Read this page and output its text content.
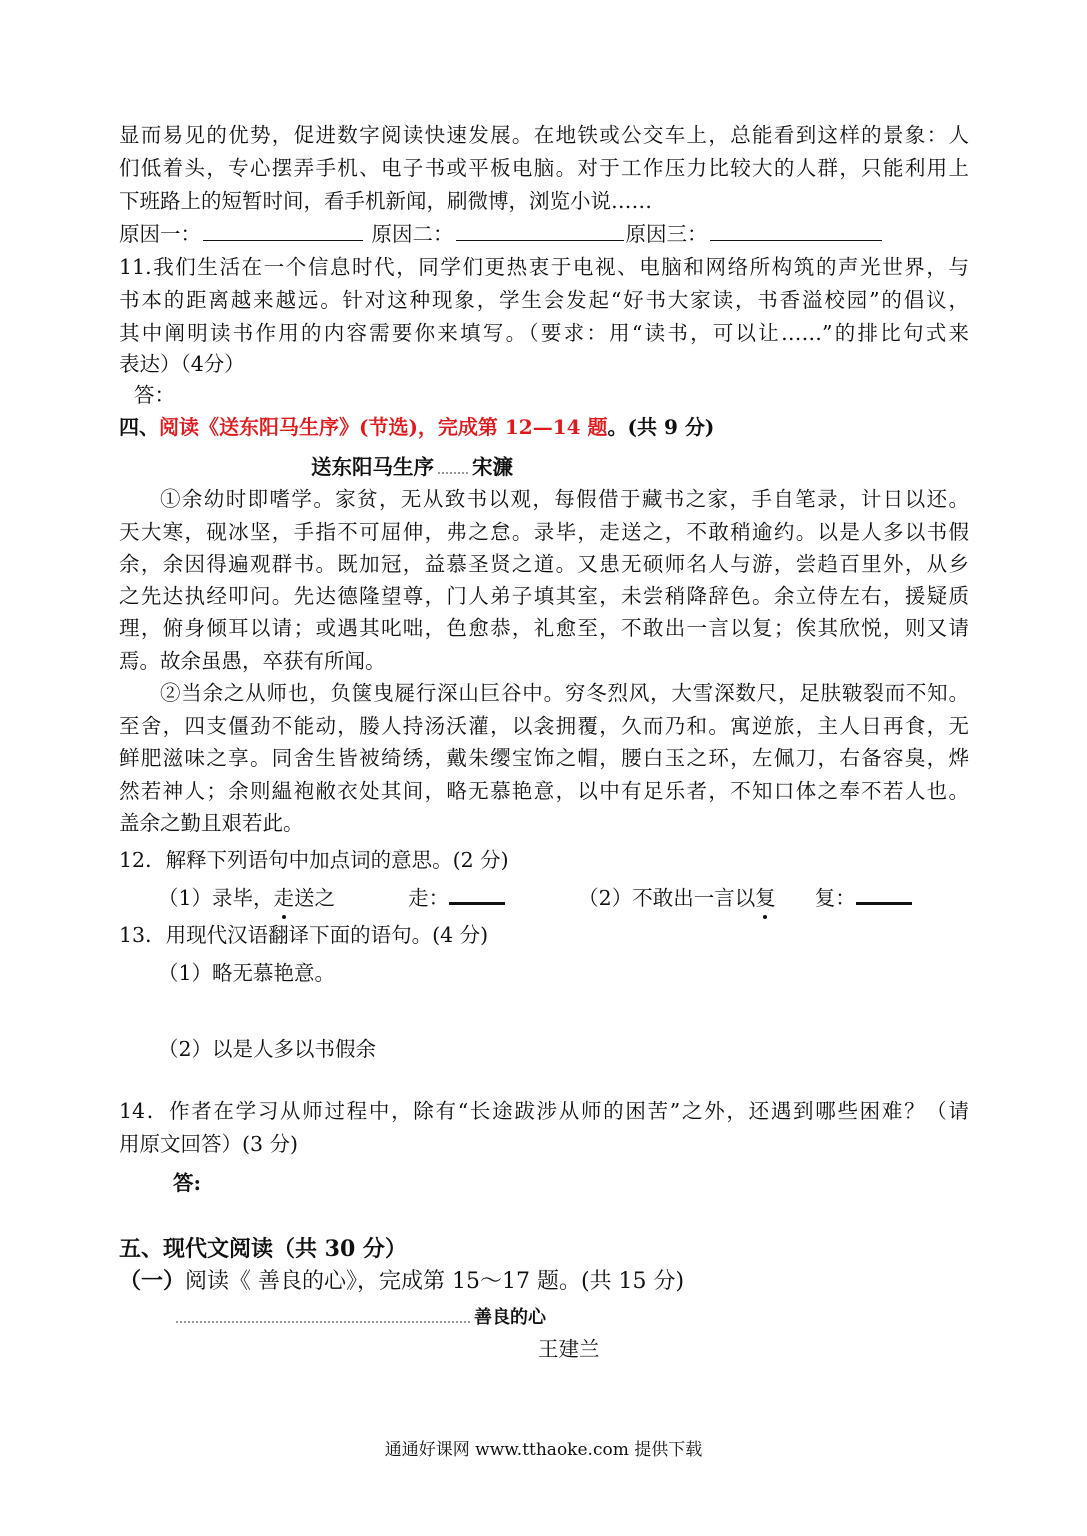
显而易见的优势，促进数字阅读快速发展。在地铁或公交车上，总能看到这样的景象：人
们低着头，专心摆弄手机、电子书或平板电脑。对于工作压力比较大的人群，只能利用上
下班路上的短暂时间，看手机新闻，刷微博，浏览小说……
原因一：	原因二：	原因三：
11.我们生活在一个信息时代，同学们更热衷于电视、电脑和网络所构筑的声光世界，与
书本的距离越来越远。针对这种现象，学生会发起“好书大家读，书香溢校园”的倡议，
其中阐明读书作用的内容需要你来填写。（要求：用“读书，可以让……”的排比句式来
表达）（4分）
答：
四、阅读《送东阳马生序》(节选)，完成第 12—14 题。(共 9 分)
送东阳马生序 宋濂
①余幼时即嗜学。家贫，无从致书以观，每假借于藏书之家，手自笔录，计日以还。
天大寒，砚冰坚，手指不可屈伸，弗之怠。录毕，走送之，不敢稍逾约。以是人多以书假
余，余因得遍观群书。既加冠，益慕圣贤之道。又患无硕师名人与游，尝趋百里外，从乡
之先达执经叩问。先达德隆望尊，门人弟子填其室，未尝稍降辞色。余立侍左右，援疑质
理，俯身倾耳以请；或遇其叱咄，色愈恭，礼愈至，不敢出一言以复；俟其欣悦，则又请
焉。故余虽愚，卒获有所闻。
②当余之从师也，负箧曳屣行深山巨谷中。穷冬烈风，大雪深数尺，足肤皲裂而不知。
至舍，四支僵劲不能动，媵人持汤沃灌，以衾拥覆，久而乃和。寓逆旅，主人日再食，无
鲜肥滋味之享。同舍生皆被绮绣，戴朱缨宝饰之帽，腰白玉之环，左佩刀，右备容臭，烨
然若神人；余则緼袍敝衣处其间，略无慕艳意，以中有足乐者，不知口体之奉不若人也。
盖余之勤且艰若此。
12．解释下列语句中加点词的意思。(2 分)
（1）录毕，走送之	走：	（2）不敢出一言以复 复：
13．用现代汉语翻译下面的语句。(4 分)
（1）略无慕艳意。
（2）以是人多以书假余
14．作者在学习从师过程中，除有“长途跋涉从师的困苦”之外，还遇到哪些困难？（请
用原文回答）(3 分)
答:
五、现代文阅读（共 30 分）
（一）阅读《 善良的心》，完成第 15～17 题。(共 15 分)
善良的心
王建兰
通通好课网 www.tthaoke.com 提供下载
